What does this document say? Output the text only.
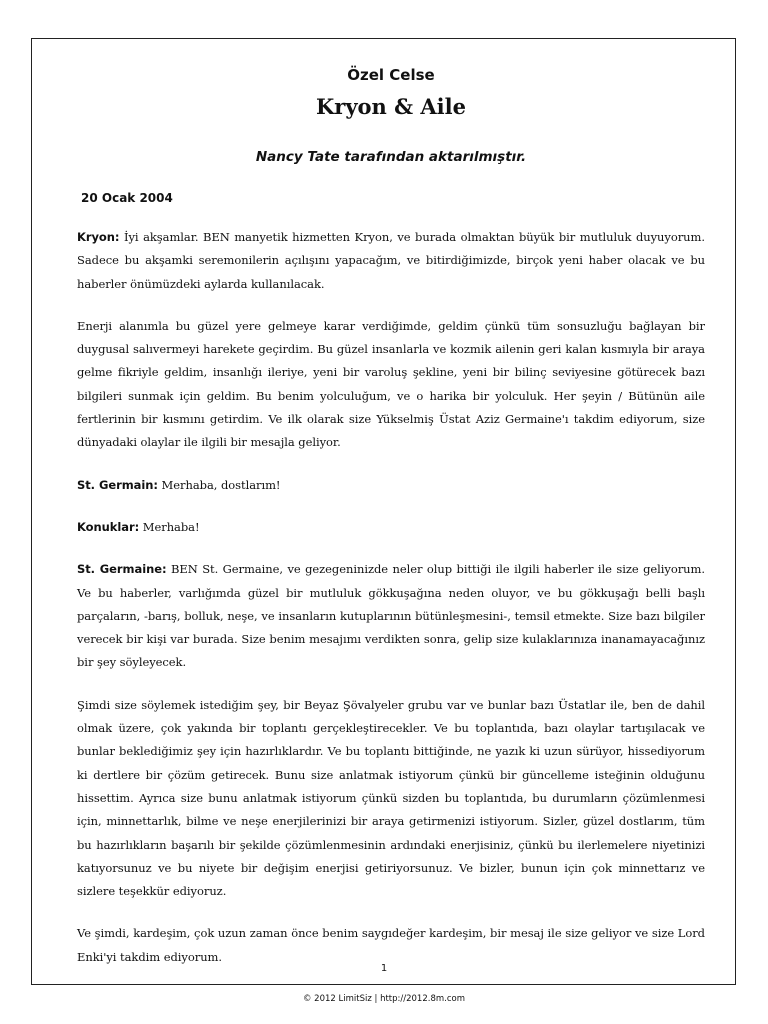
Özel Celse
Kryon & Aile
Nancy Tate tarafından aktarılmıştır.
20 Ocak 2004

Kryon: İyi akşamlar. BEN manyetik hizmetten Kryon, ve burada olmaktan büyük bir mutluluk duyuyorum. Sadece bu akşamki seremonilerin açılışını yapacağım, ve bitirdiğimizde, birçok yeni haber olacak ve bu haberler önümüzdeki aylarda kullanılacak.

Enerji alanımla bu güzel yere gelmeye karar verdiğimde, geldim çünkü tüm sonsuzluğu bağlayan bir duygusal salıvermeyi harekete geçirdim. Bu güzel insanlarla ve kozmik ailenin geri kalan kısmıyla bir araya gelme fikriyle geldim, insanlığı ileriye, yeni bir varoluş şekline, yeni bir bilinç seviyesine götürecek bazı bilgileri sunmak için geldim. Bu benim yolculuğum, ve o harika bir yolculuk. Her şeyin / Bütünün aile fertlerinin bir kısmını getirdim. Ve ilk olarak size Yükselmiş Üstat Aziz Germaine'ı takdim ediyorum, size dünyadaki olaylar ile ilgili bir mesajla geliyor.

St. Germain: Merhaba, dostlarım!

Konuklar: Merhaba!

St. Germaine: BEN St. Germaine, ve gezegeninizde neler olup bittiği ile ilgili haberler ile size geliyorum. Ve bu haberler, varlığımda güzel bir mutluluk gökkuşağına neden oluyor, ve bu gökkuşağı belli başlı parçaların, -barış, bolluk, neşe, ve insanların kutuplarının bütünleşmesini-, temsil etmekte. Size bazı bilgiler verecek bir kişi var burada. Size benim mesajımı verdikten sonra, gelip size kulaklarınıza inanamayacağınız bir şey söyleyecek.

Şimdi size söylemek istediğim şey, bir Beyaz Şövalyeler grubu var ve bunlar bazı Üstatlar ile, ben de dahil olmak üzere, çok yakında bir toplantı gerçekleştirecekler. Ve bu toplantıda, bazı olaylar tartışılacak ve bunlar beklediğimiz şey için hazırlıklardır. Ve bu toplantı bittiğinde, ne yazık ki uzun sürüyor, hissediyorum ki dertlere bir çözüm getirecek. Bunu size anlatmak istiyorum çünkü bir güncelleme isteğinin olduğunu hissettim. Ayrıca size bunu anlatmak istiyorum çünkü sizden bu toplantıda, bu durumların çözümlenmesi için, minnettarlık, bilme ve neşe enerjilerinizi bir araya getirmenizi istiyorum. Sizler, güzel dostlarım, tüm bu hazırlıkların başarılı bir şekilde çözümlenmesinin ardındaki enerjisiniz, çünkü bu ilerlemelere niyetinizi katıyorsunuz ve bu niyete bir değişim enerjisi getiriyorsunuz. Ve bizler, bunun için çok minnettarız ve sizlere teşekkür ediyoruz.

Ve şimdi, kardeşim, çok uzun zaman önce benim saygıdeğer kardeşim, bir mesaj ile size geliyor ve size Lord Enki'yi takdim ediyorum.

1
© 2012 LimitSiz | http://2012.8m.com
